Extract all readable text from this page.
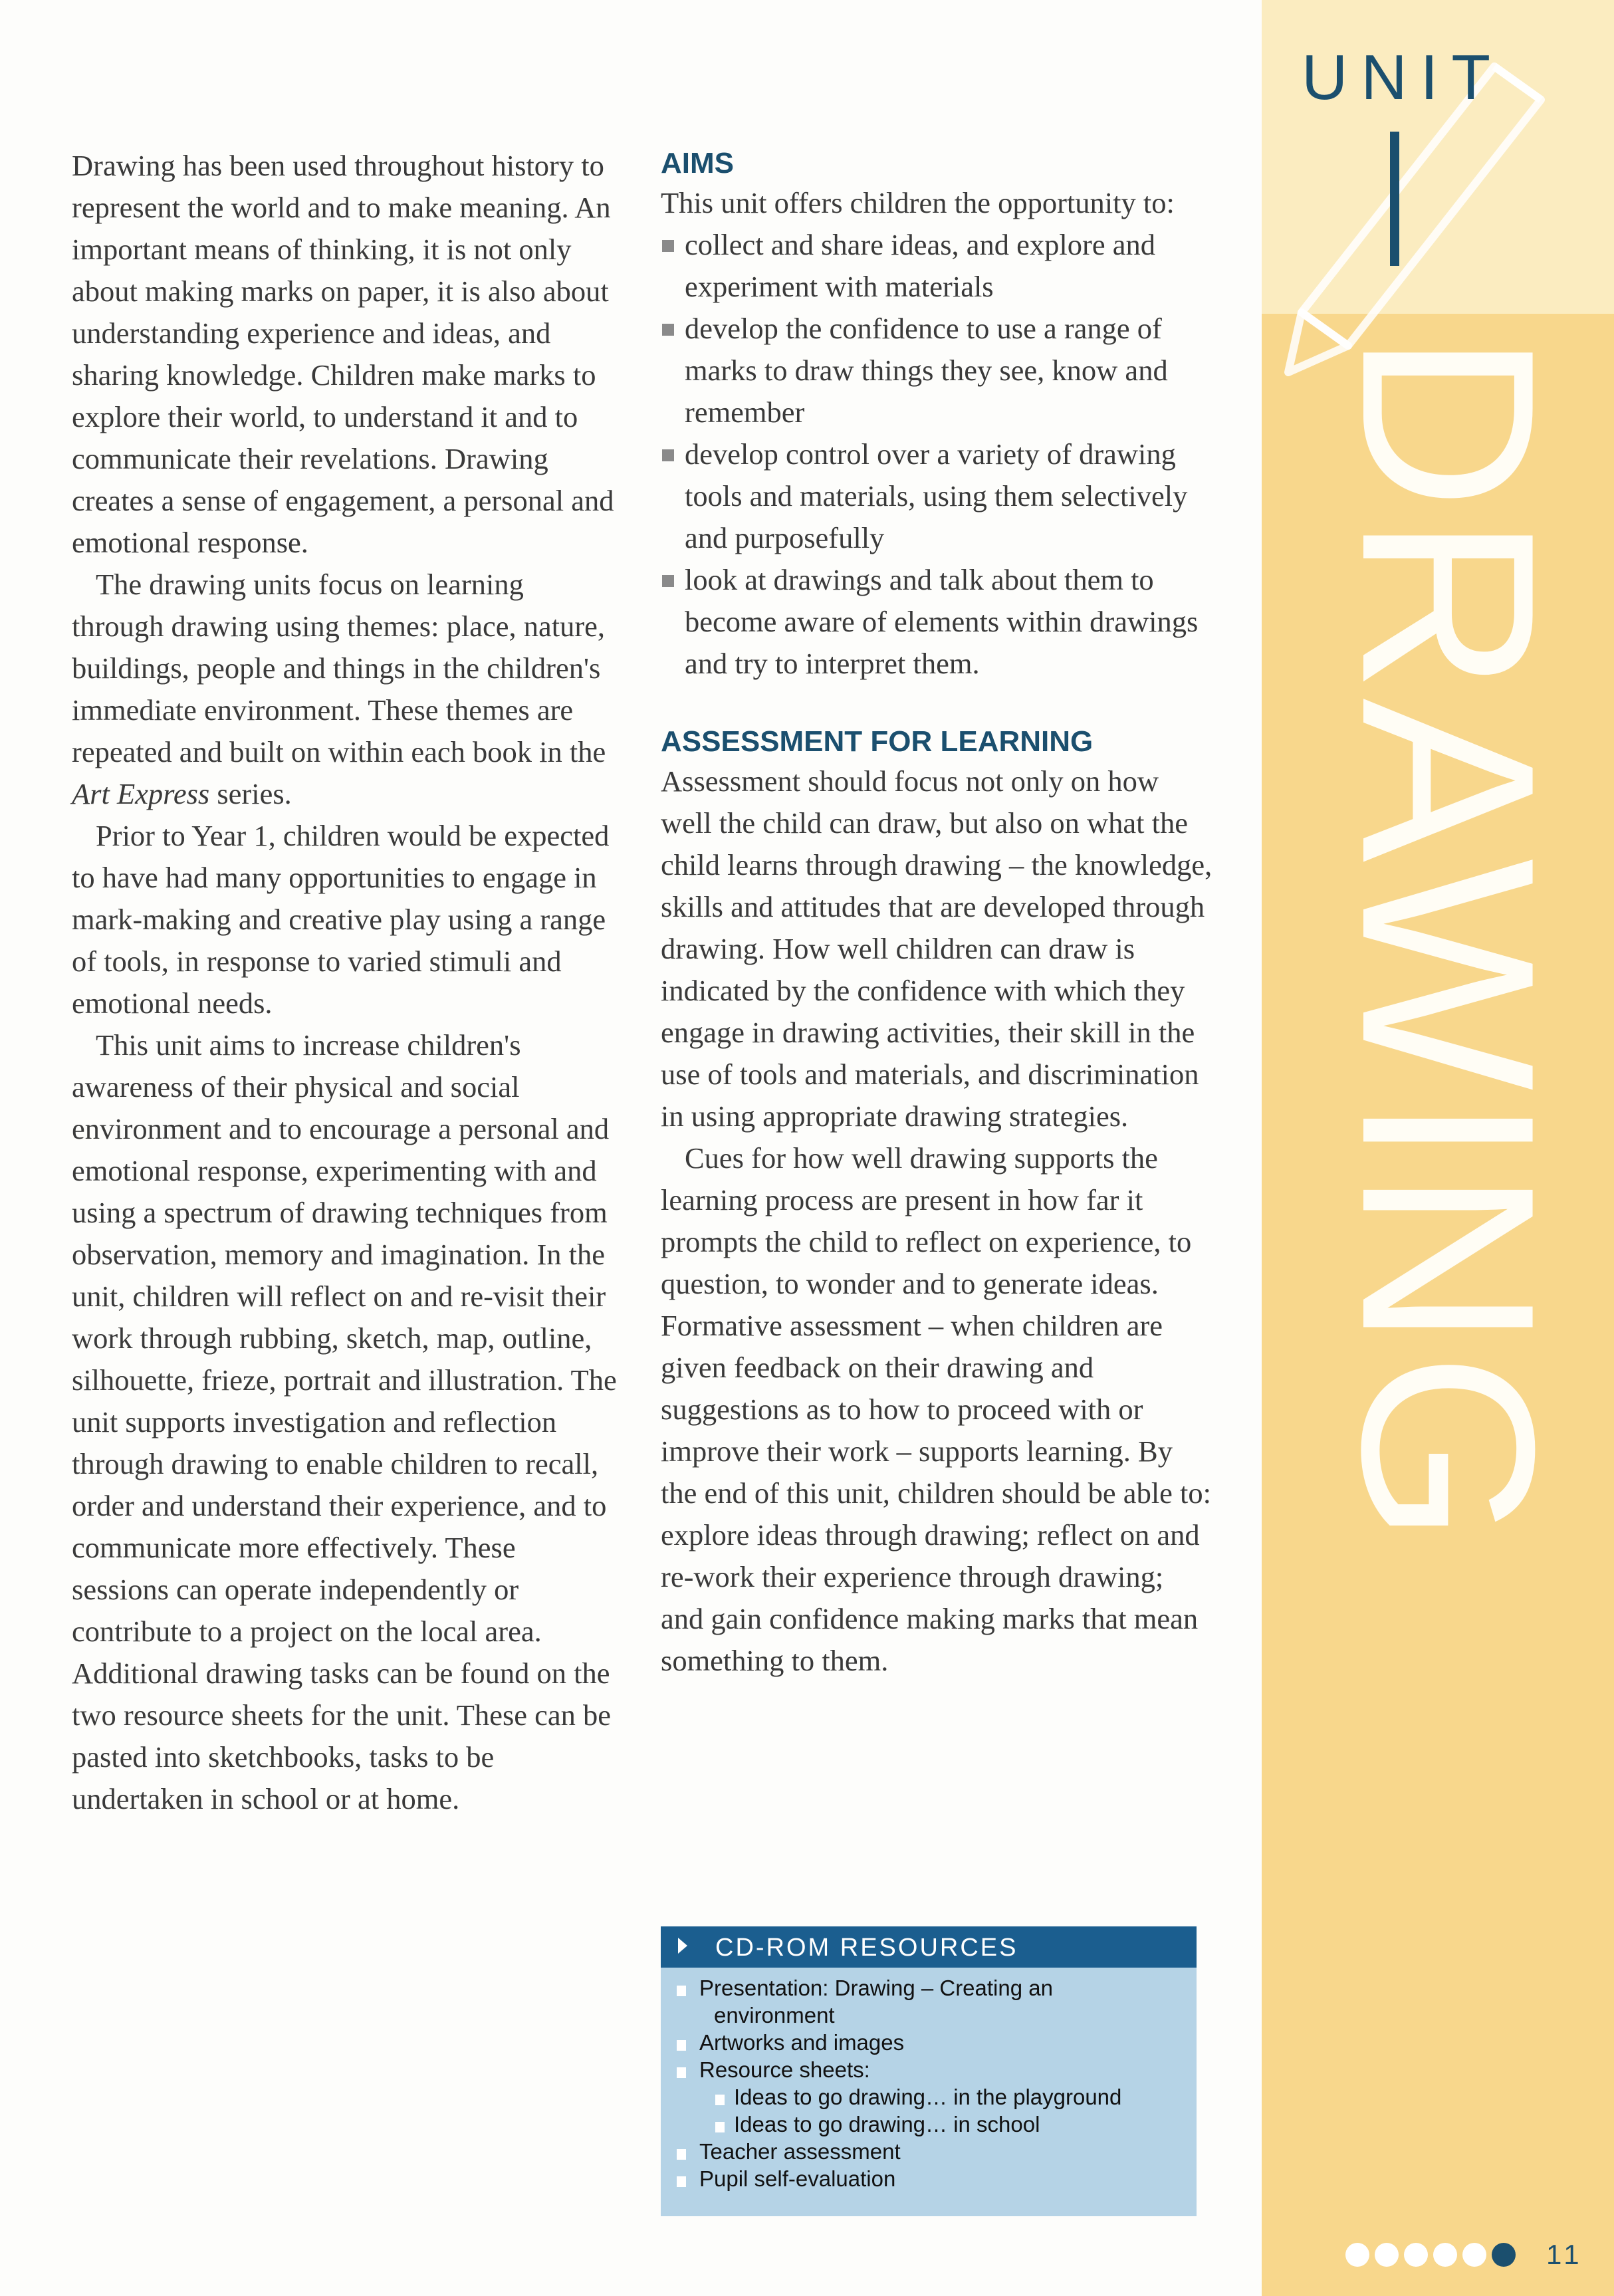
Drawing has been used throughout history to represent the world and to make meaning. An important means of thinking, it is not only about making marks on paper, it is also about understanding experience and ideas, and sharing knowledge. Children make marks to explore their world, to understand it and to communicate their revelations. Drawing creates a sense of engagement, a personal and emotional response.

The drawing units focus on learning through drawing using themes: place, nature, buildings, people and things in the children's immediate environment. These themes are repeated and built on within each book in the Art Express series.

Prior to Year 1, children would be expected to have had many opportunities to engage in mark-making and creative play using a range of tools, in response to varied stimuli and emotional needs.

This unit aims to increase children's awareness of their physical and social environment and to encourage a personal and emotional response, experimenting with and using a spectrum of drawing techniques from observation, memory and imagination. In the unit, children will reflect on and re-visit their work through rubbing, sketch, map, outline, silhouette, frieze, portrait and illustration. The unit supports investigation and reflection through drawing to enable children to recall, order and understand their experience, and to communicate more effectively. These sessions can operate independently or contribute to a project on the local area. Additional drawing tasks can be found on the two resource sheets for the unit. These can be pasted into sketchbooks, tasks to be undertaken in school or at home.

AIMS

This unit offers children the opportunity to:

collect and share ideas, and explore and experiment with materials
develop the confidence to use a range of marks to draw things they see, know and remember
develop control over a variety of drawing tools and materials, using them selectively and purposefully
look at drawings and talk about them to become aware of elements within drawings and try to interpret them.
ASSESSMENT FOR LEARNING

Assessment should focus not only on how well the child can draw, but also on what the child learns through drawing – the knowledge, skills and attitudes that are developed through drawing. How well children can draw is indicated by the confidence with which they engage in drawing activities, their skill in the use of tools and materials, and discrimination in using appropriate drawing strategies.

Cues for how well drawing supports the learning process are present in how far it prompts the child to reflect on experience, to question, to wonder and to generate ideas. Formative assessment – when children are given feedback on their drawing and suggestions as to how to proceed with or improve their work – supports learning. By the end of this unit, children should be able to: explore ideas through drawing; reflect on and re-work their experience through drawing; and gain confidence making marks that mean something to them.

CD-ROM RESOURCES
Presentation: Drawing – Creating an
environment
Artworks and images
Resource sheets:
Ideas to go drawing… in the playground
Ideas to go drawing… in school
Teacher assessment
Pupil self-evaluation
UNIT
DRAWING
11
